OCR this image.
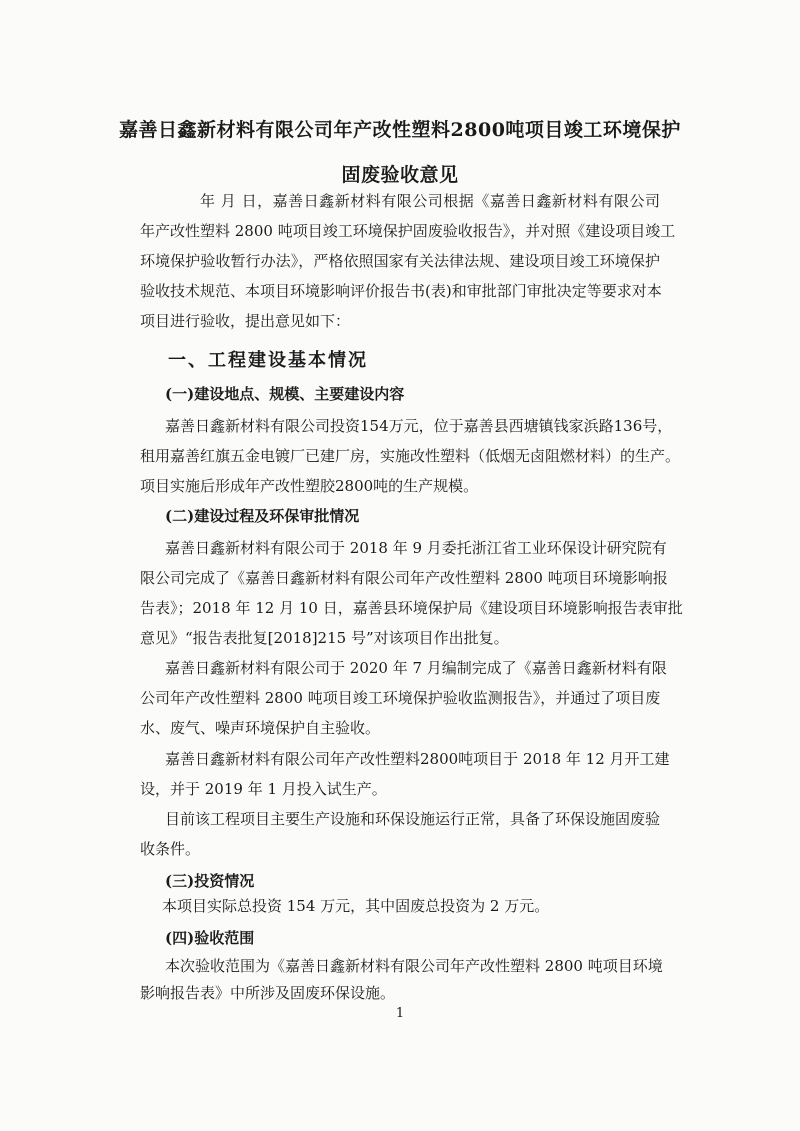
嘉善日鑫新材料有限公司年产改性塑料2800吨项目竣工环境保护
固废验收意见
年 月 日，嘉善日鑫新材料有限公司根据《嘉善日鑫新材料有限公司
年产改性塑料 2800 吨项目竣工环境保护固废验收报告》，并对照《建设项目竣工
环境保护验收暂行办法》，严格依照国家有关法律法规、建设项目竣工环境保护
验收技术规范、本项目环境影响评价报告书(表)和审批部门审批决定等要求对本
项目进行验收，提出意见如下：
一、工程建设基本情况
(一)建设地点、规模、主要建设内容
嘉善日鑫新材料有限公司投资154万元，位于嘉善县西塘镇钱家浜路136号，
租用嘉善红旗五金电镀厂已建厂房，实施改性塑料（低烟无卤阻燃材料）的生产。
项目实施后形成年产改性塑胶2800吨的生产规模。
(二)建设过程及环保审批情况
嘉善日鑫新材料有限公司于 2018 年 9 月委托浙江省工业环保设计研究院有
限公司完成了《嘉善日鑫新材料有限公司年产改性塑料 2800 吨项目环境影响报
告表》；2018 年 12 月 10 日，嘉善县环境保护局《建设项目环境影响报告表审批
意见》“报告表批复[2018]215 号”对该项目作出批复。
嘉善日鑫新材料有限公司于 2020 年 7 月编制完成了《嘉善日鑫新材料有限
公司年产改性塑料 2800 吨项目竣工环境保护验收监测报告》，并通过了项目废
水、废气、噪声环境保护自主验收。
嘉善日鑫新材料有限公司年产改性塑料2800吨项目于 2018 年 12 月开工建
设，并于 2019 年 1 月投入试生产。
目前该工程项目主要生产设施和环保设施运行正常，具备了环保设施固废验
收条件。
(三)投资情况
本项目实际总投资 154 万元，其中固废总投资为 2 万元。
(四)验收范围
本次验收范围为《嘉善日鑫新材料有限公司年产改性塑料 2800 吨项目环境
影响报告表》中所涉及固废环保设施。
1
